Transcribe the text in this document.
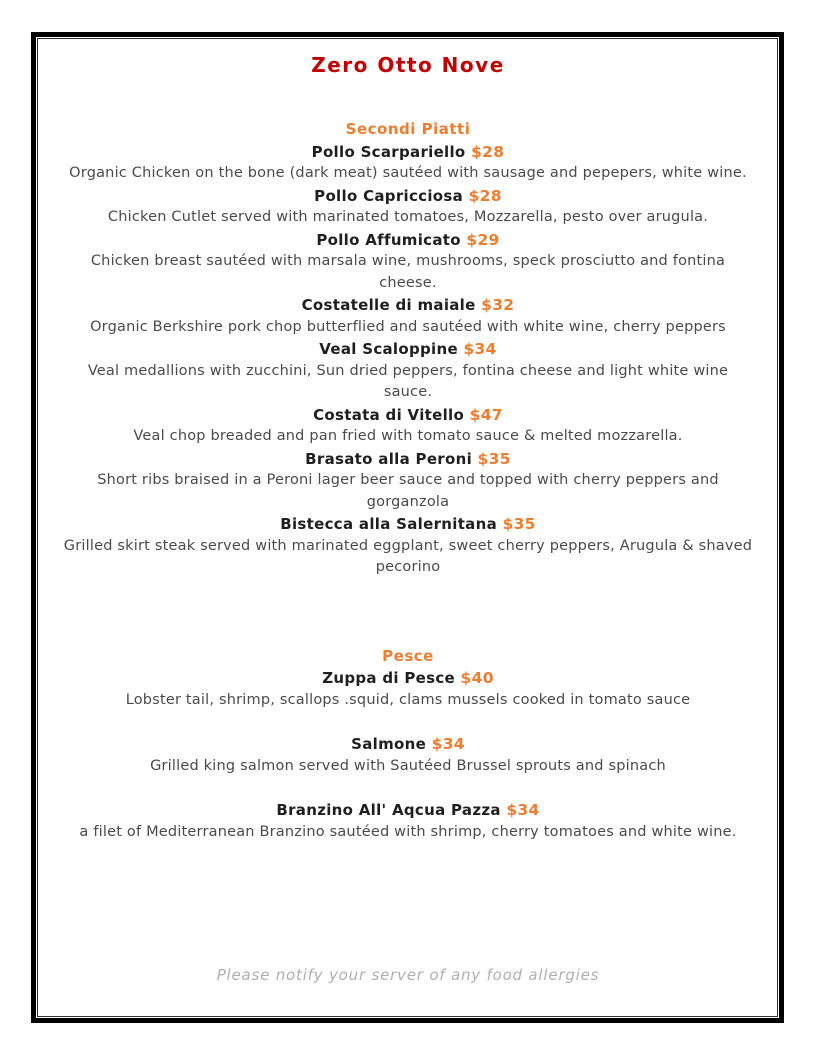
Zero Otto Nove
Secondi Piatti
Pollo Scarpariello $28
Organic Chicken on the bone (dark meat) sautéed with sausage and pepepers, white wine.
Pollo Capricciosa $28
Chicken Cutlet served with marinated tomatoes, Mozzarella, pesto over arugula.
Pollo Affumicato $29
Chicken breast sautéed with marsala wine, mushrooms, speck prosciutto and fontina cheese.
Costatelle di maiale $32
Organic Berkshire pork chop butterflied and sautéed with white wine, cherry peppers
Veal Scaloppine $34
Veal medallions with zucchini, Sun dried peppers, fontina cheese and light white wine sauce.
Costata di Vitello $47
Veal chop breaded and pan fried with tomato sauce & melted mozzarella.
Brasato alla Peroni $35
Short ribs braised in a Peroni lager beer sauce and topped with cherry peppers and gorganzola
Bistecca alla Salernitana $35
Grilled skirt steak served with marinated eggplant, sweet cherry peppers, Arugula & shaved pecorino
Pesce
Zuppa di Pesce $40
Lobster tail, shrimp, scallops .squid, clams mussels cooked in tomato sauce
Salmone $34
Grilled king salmon served with Sautéed Brussel sprouts and spinach
Branzino All' Aqcua Pazza $34
a filet of Mediterranean Branzino sautéed with shrimp, cherry tomatoes and white wine.
Please notify your server of any food allergies
